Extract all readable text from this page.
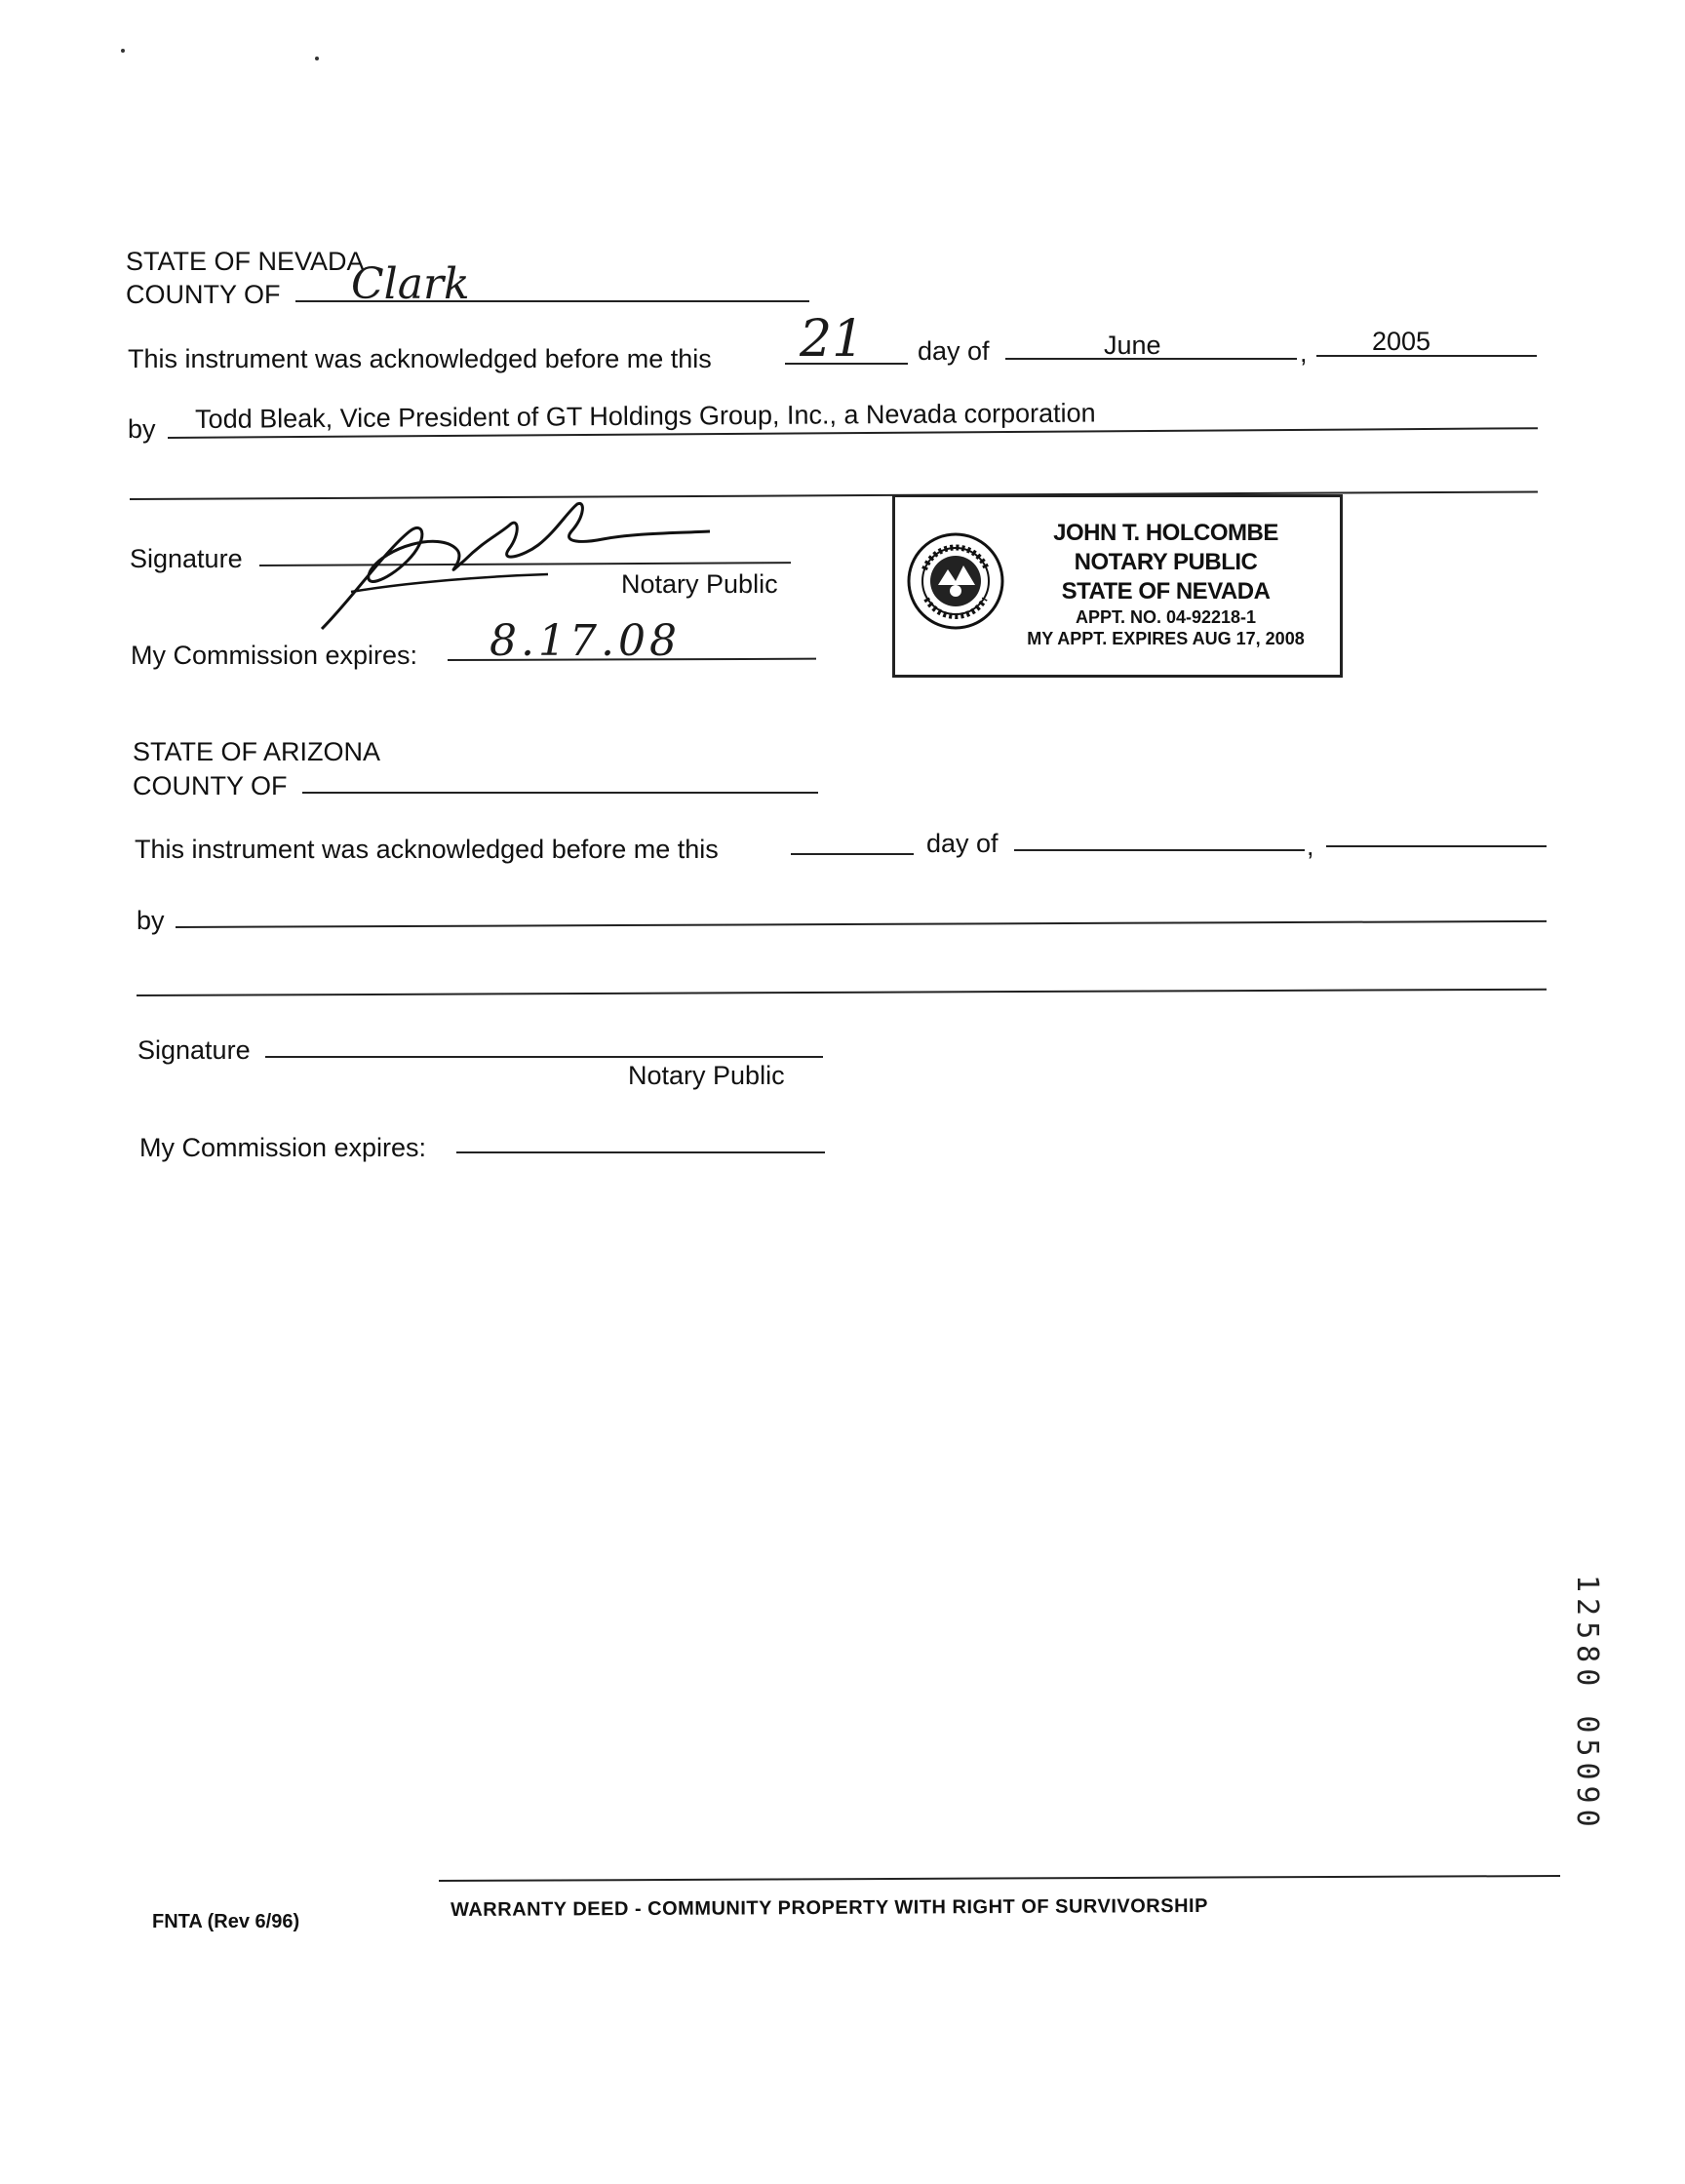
STATE OF NEVADA
COUNTY OF Clark
This instrument was acknowledged before me this 21 day of	June	, 2005
by Todd Bleak, Vice President of GT Holdings Group, Inc., a Nevada corporation
Signature
Notary Public
My Commission expires: 8.17.08
JOHN T. HOLCOMBE
NOTARY PUBLIC
STATE OF NEVADA
APPT. NO. 04-92218-1
MY APPT. EXPIRES AUG 17, 2008
STATE OF ARIZONA
COUNTY OF
This instrument was acknowledged before me this	day of	,
by
Signature
Notary Public
My Commission expires:
12580 05090
FNTA (Rev 6/96)
WARRANTY DEED - COMMUNITY PROPERTY WITH RIGHT OF SURVIVORSHIP
